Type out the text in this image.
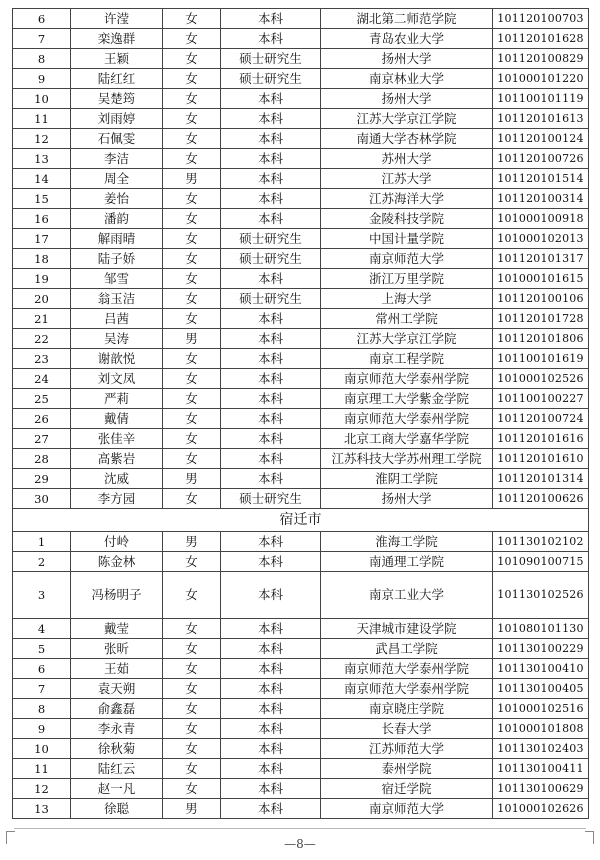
6	许滢	女	本科	湖北第二师范学院	101120100703
7	栾逸群	女	本科	青岛农业大学	101120101628
8	王颖	女	硕士研究生	扬州大学	101120100829
9	陆红红	女	硕士研究生	南京林业大学	101000101220
10	吴楚筠	女	本科	扬州大学	101100101119
11	刘雨婷	女	本科	江苏大学京江学院	101120101613
12	石佩雯	女	本科	南通大学杏林学院	101120100124
13	李洁	女	本科	苏州大学	101120100726
14	周全	男	本科	江苏大学	101120101514
15	姜怡	女	本科	江苏海洋大学	101120100314
16	潘韵	女	本科	金陵科技学院	101000100918
17	解雨晴	女	硕士研究生	中国计量学院	101000102013
18	陆子娇	女	硕士研究生	南京师范大学	101120101317
19	邹雪	女	本科	浙江万里学院	101000101615
20	翁玉洁	女	硕士研究生	上海大学	101120100106
21	吕茜	女	本科	常州工学院	101120101728
22	吴涛	男	本科	江苏大学京江学院	101120101806
23	谢歆悦	女	本科	南京工程学院	101100101619
24	刘文凤	女	本科	南京师范大学泰州学院	101000102526
25	严莉	女	本科	南京理工大学紫金学院	101100100227
26	戴倩	女	本科	南京师范大学泰州学院	101120100724
27	张佳辛	女	本科	北京工商大学嘉华学院	101120101616
28	高紫岩	女	本科	江苏科技大学苏州理工学院	101120101610
29	沈威	男	本科	淮阴工学院	101120101314
30	李方园	女	硕士研究生	扬州大学	101120100626
宿迁市					
1	付岭	男	本科	淮海工学院	101130102102
2	陈金林	女	本科	南通理工学院	101090100715
3	冯杨明子	女	本科	南京工业大学	101130102526
4	戴莹	女	本科	天津城市建设学院	101080101130
5	张昕	女	本科	武昌工学院	101130100229
6	王茹	女	本科	南京师范大学泰州学院	101130100410
7	袁天朔	女	本科	南京师范大学泰州学院	101130100405
8	俞鑫磊	女	本科	南京晓庄学院	101000102516
9	李永青	女	本科	长春大学	101000101808
10	徐秋菊	女	本科	江苏师范大学	101130102403
11	陆红云	女	本科	泰州学院	101130100411
12	赵一凡	女	本科	宿迁学院	101130100629
13	徐聪	男	本科	南京师范大学	101000102626
—8—
